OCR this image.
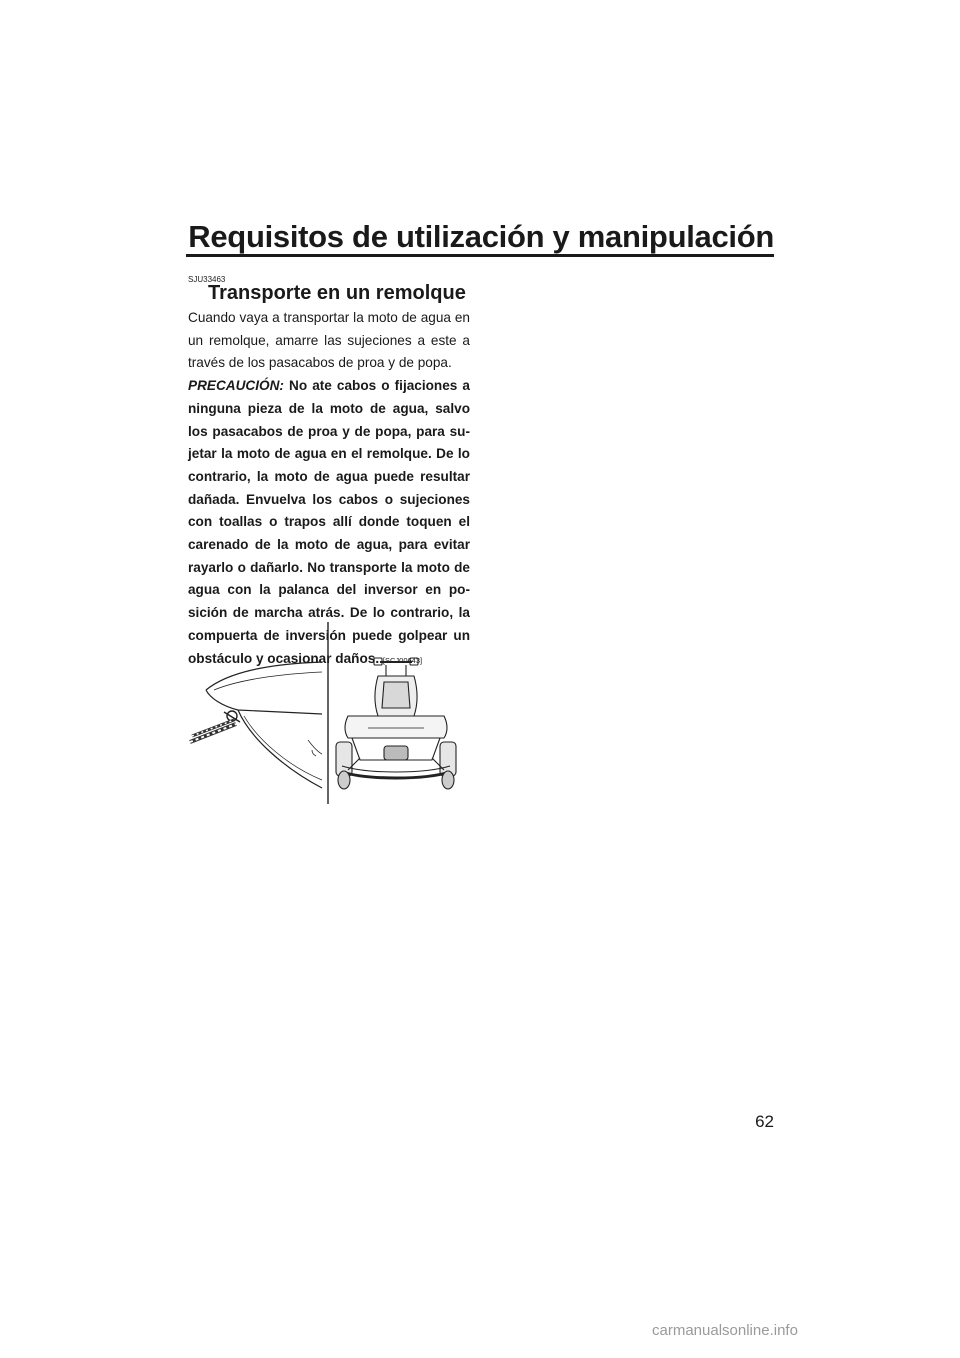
Requisitos de utilización y manipulación
SJU33463
Transporte en un remolque
Cuando vaya a transportar la moto de agua en un remolque, amarre las sujeciones a este a través de los pasacabos de proa y de popa.
PRECAUCIÓN: No ate cabos o fijaciones a ninguna pieza de la moto de agua, salvo los pasacabos de proa y de popa, para su-jetar la moto de agua en el remolque. De lo contrario, la moto de agua puede resultar dañada. Envuelva los cabos o sujeciones con toallas o trapos allí donde toquen el carenado de la moto de agua, para evitar rayarlo o dañarlo. No transporte la moto de agua con la palanca del inversor en po-sición de marcha atrás. De lo contrario, la compuerta de inversión puede golpear un obstáculo y ocasionar daños. [SCJ00643]
62
carmanualsonline.info
